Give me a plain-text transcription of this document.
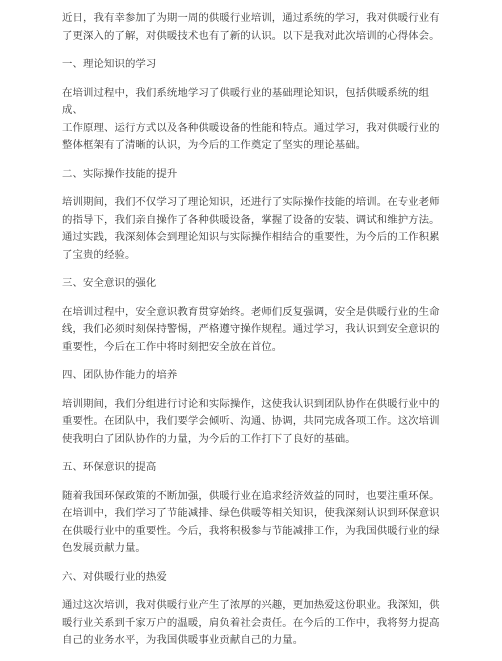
近日，我有幸参加了为期一周的供暖行业培训，通过系统的学习，我对供暖行业有
了更深入的了解，对供暖技术也有了新的认识。以下是我对此次培训的心得体会。

一、理论知识的学习

在培训过程中，我们系统地学习了供暖行业的基础理论知识，包括供暖系统的组成、
工作原理、运行方式以及各种供暖设备的性能和特点。通过学习，我对供暖行业的
整体框架有了清晰的认识，为今后的工作奠定了坚实的理论基础。

二、实际操作技能的提升

培训期间，我们不仅学习了理论知识，还进行了实际操作技能的培训。在专业老师
的指导下，我们亲自操作了各种供暖设备，掌握了设备的安装、调试和维护方法。
通过实践，我深刻体会到理论知识与实际操作相结合的重要性，为今后的工作积累
了宝贵的经验。

三、安全意识的强化

在培训过程中，安全意识教育贯穿始终。老师们反复强调，安全是供暖行业的生命
线，我们必须时刻保持警惕，严格遵守操作规程。通过学习，我认识到安全意识的
重要性，今后在工作中将时刻把安全放在首位。

四、团队协作能力的培养

培训期间，我们分组进行讨论和实际操作，这使我认识到团队协作在供暖行业中的
重要性。在团队中，我们要学会倾听、沟通、协调，共同完成各项工作。这次培训
使我明白了团队协作的力量，为今后的工作打下了良好的基础。

五、环保意识的提高

随着我国环保政策的不断加强，供暖行业在追求经济效益的同时，也要注重环保。
在培训中，我们学习了节能减排、绿色供暖等相关知识，使我深刻认识到环保意识
在供暖行业中的重要性。今后，我将积极参与节能减排工作，为我国供暖行业的绿
色发展贡献力量。

六、对供暖行业的热爱

通过这次培训，我对供暖行业产生了浓厚的兴趣，更加热爱这份职业。我深知，供
暖行业关系到千家万户的温暖，肩负着社会责任。在今后的工作中，我将努力提高
自己的业务水平，为我国供暖事业贡献自己的力量。
